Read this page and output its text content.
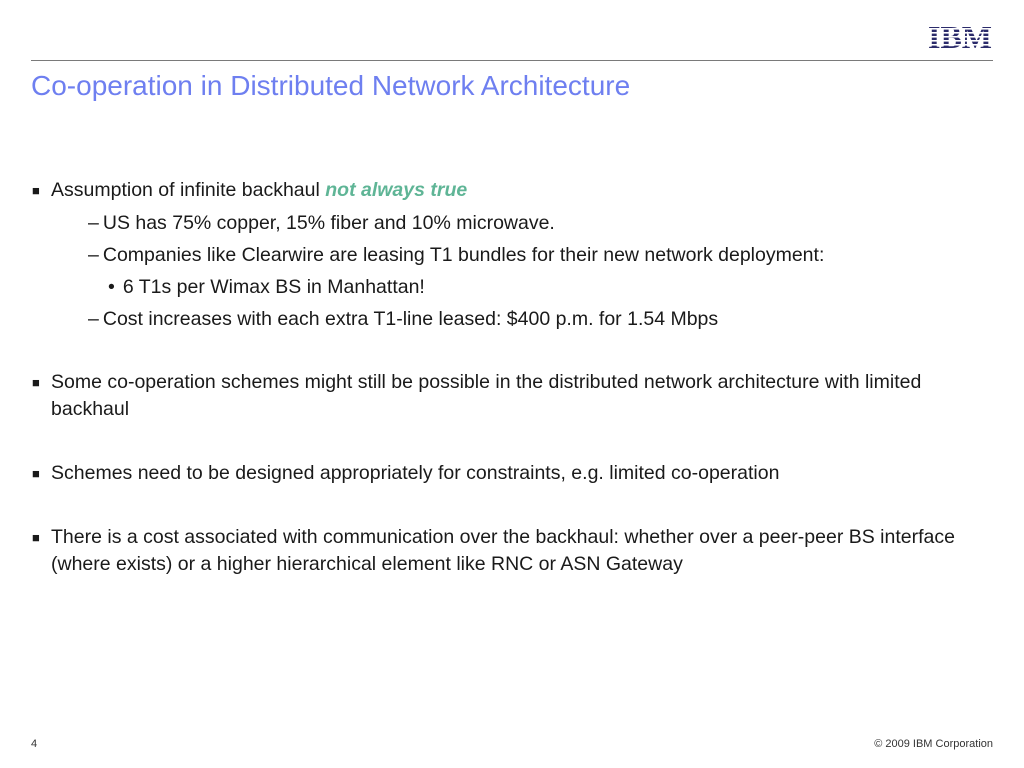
Co-operation in Distributed Network Architecture
■ Assumption of infinite backhaul not always true
– US has 75% copper, 15% fiber and 10% microwave.
– Companies like Clearwire are leasing T1 bundles for their new network deployment:
• 6 T1s per Wimax BS in Manhattan!
– Cost increases with each extra T1-line leased: $400 p.m. for 1.54 Mbps
■ Some co-operation schemes might still be possible in the distributed network architecture with limited backhaul
■ Schemes need to be designed appropriately for constraints, e.g. limited co-operation
■ There is a cost associated with communication over the backhaul: whether over a peer-peer BS interface (where exists) or a higher hierarchical element like RNC or ASN Gateway
4	© 2009 IBM Corporation
